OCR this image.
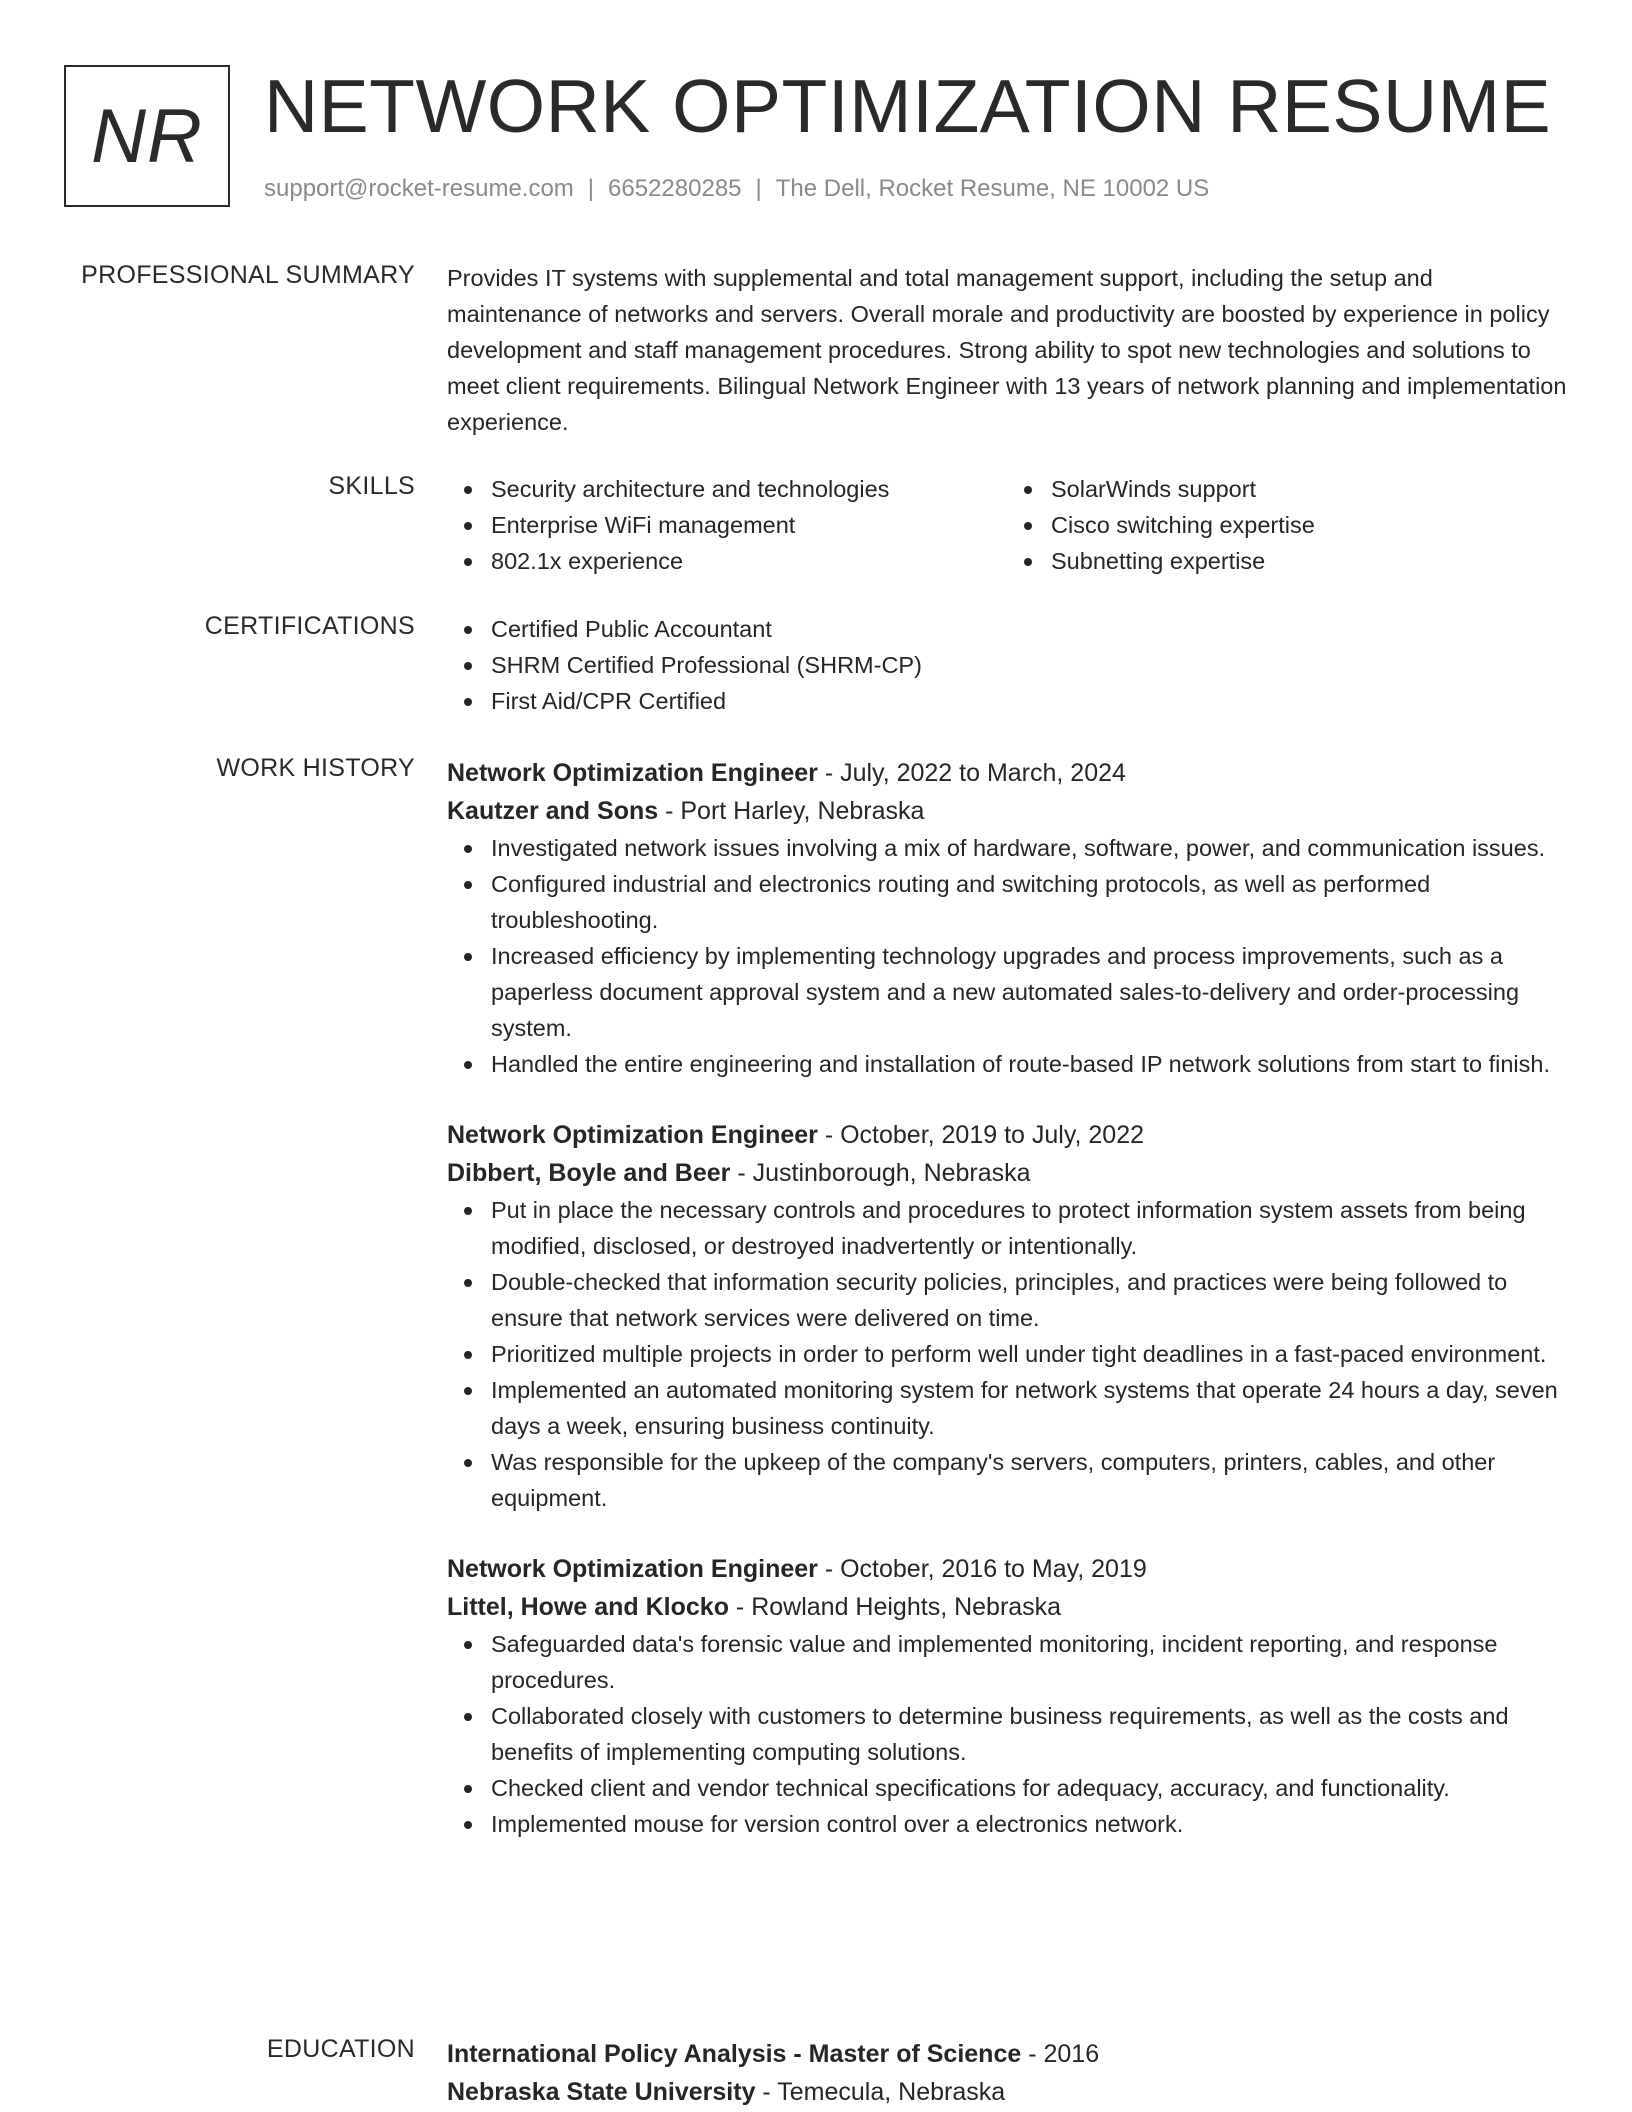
NR NETWORK OPTIMIZATION RESUME
support@rocket-resume.com | 6652280285 | The Dell, Rocket Resume, NE 10002 US
PROFESSIONAL SUMMARY Provides IT systems with supplemental and total management support, including the setup and maintenance of networks and servers. Overall morale and productivity are boosted by experience in policy development and staff management procedures. Strong ability to spot new technologies and solutions to meet client requirements. Bilingual Network Engineer with 13 years of network planning and implementation experience.

SKILLS	Security architecture and technologies
Enterprise WiFi management
802.1x experience
SolarWinds support
Cisco switching expertise
Subnetting expertise
CERTIFICATIONS	Certified Public Accountant
SHRM Certified Professional (SHRM-CP)
First Aid/CPR Certified
WORK HISTORY Network Optimization Engineer - July, 2022 to March, 2024
Kautzer and Sons - Port Harley, Nebraska
Investigated network issues involving a mix of hardware, software, power, and communication issues.
Configured industrial and electronics routing and switching protocols, as well as performed troubleshooting.
Increased efficiency by implementing technology upgrades and process improvements, such as a paperless document approval system and a new automated sales-to-delivery and order-processing system.
Handled the entire engineering and installation of route-based IP network solutions from start to finish.
Network Optimization Engineer - October, 2019 to July, 2022
Dibbert, Boyle and Beer - Justinborough, Nebraska
Put in place the necessary controls and procedures to protect information system assets from being modified, disclosed, or destroyed inadvertently or intentionally.
Double-checked that information security policies, principles, and practices were being followed to ensure that network services were delivered on time.
Prioritized multiple projects in order to perform well under tight deadlines in a fast-paced environment.
Implemented an automated monitoring system for network systems that operate 24 hours a day, seven days a week, ensuring business continuity.
Was responsible for the upkeep of the company's servers, computers, printers, cables, and other equipment.
Network Optimization Engineer - October, 2016 to May, 2019
Littel, Howe and Klocko - Rowland Heights, Nebraska
Safeguarded data's forensic value and implemented monitoring, incident reporting, and response procedures.
Collaborated closely with customers to determine business requirements, as well as the costs and benefits of implementing computing solutions.
Checked client and vendor technical specifications for adequacy, accuracy, and functionality.
Implemented mouse for version control over a electronics network.
EDUCATION International Policy Analysis - Master of Science - 2016
Nebraska State University - Temecula, Nebraska
